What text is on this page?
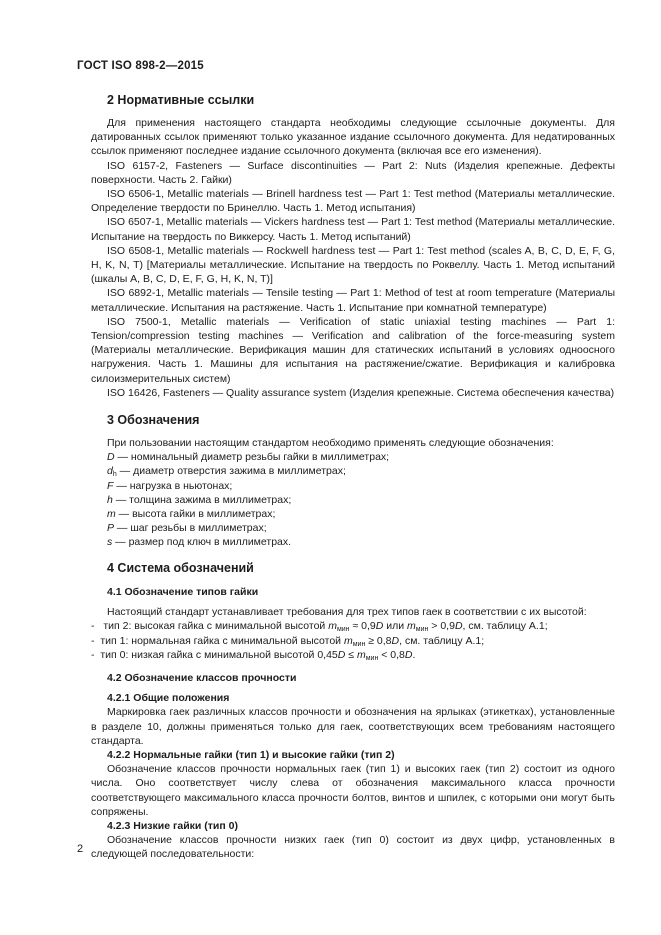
ГОСТ ISO 898-2—2015
2 Нормативные ссылки
Для применения настоящего стандарта необходимы следующие ссылочные документы. Для датированных ссылок применяют только указанное издание ссылочного документа. Для недатированных ссылок применяют последнее издание ссылочного документа (включая все его изменения).
ISO 6157-2, Fasteners — Surface discontinuities — Part 2: Nuts (Изделия крепежные. Дефекты поверхности. Часть 2. Гайки)
ISO 6506-1, Metallic materials — Brinell hardness test — Part 1: Test method (Материалы металлические. Определение твердости по Бринеллю. Часть 1. Метод испытания)
ISO 6507-1, Metallic materials — Vickers hardness test — Part 1: Test method (Материалы металлические. Испытание на твердость по Виккерсу. Часть 1. Метод испытаний)
ISO 6508-1, Metallic materials — Rockwell hardness test — Part 1: Test method (scales A, B, C, D, E, F, G, H, K, N, T) [Материалы металлические. Испытание на твердость по Роквеллу. Часть 1. Метод испытаний (шкалы A, B, C, D, E, F, G, H, K, N, T)]
ISO 6892-1, Metallic materials — Tensile testing — Part 1: Method of test at room temperature (Материалы металлические. Испытания на растяжение. Часть 1. Испытание при комнатной температуре)
ISO 7500-1, Metallic materials — Verification of static uniaxial testing machines — Part 1: Tension/compression testing machines — Verification and calibration of the force-measuring system (Материалы металлические. Верификация машин для статических испытаний в условиях одноосного нагружения. Часть 1. Машины для испытания на растяжение/сжатие. Верификация и калибровка силоизмерительных систем)
ISO 16426, Fasteners — Quality assurance system (Изделия крепежные. Система обеспечения качества)
3 Обозначения
При пользовании настоящим стандартом необходимо применять следующие обозначения:
D — номинальный диаметр резьбы гайки в миллиметрах;
$d_h$ — диаметр отверстия зажима в миллиметрах;
F — нагрузка в ньютонах;
h — толщина зажима в миллиметрах;
m — высота гайки в миллиметрах;
P — шаг резьбы в миллиметрах;
s — размер под ключ в миллиметрах.
4 Система обозначений
4.1 Обозначение типов гайки
Настоящий стандарт устанавливает требования для трех типов гаек в соответствии с их высотой:
- тип 2: высокая гайка с минимальной высотой $m_{мин} \approx 0,9D$ или $m_{мин} > 0,9D$, см. таблицу А.1;
- тип 1: нормальная гайка с минимальной высотой $m_{мин} \ge 0,8D$, см. таблицу А.1;
- тип 0: низкая гайка с минимальной высотой $0,45D \le m_{мин} < 0,8D$.
4.2 Обозначение классов прочности
4.2.1 Общие положения
Маркировка гаек различных классов прочности и обозначения на ярлыках (этикетках), установленные в разделе 10, должны применяться только для гаек, соответствующих всем требованиям настоящего стандарта.
4.2.2 Нормальные гайки (тип 1) и высокие гайки (тип 2)
Обозначение классов прочности нормальных гаек (тип 1) и высоких гаек (тип 2) состоит из одного числа. Оно соответствует числу слева от обозначения максимального класса прочности соответствующего максимального класса прочности болтов, винтов и шпилек, с которыми они могут быть сопряжены.
4.2.3 Низкие гайки (тип 0)
Обозначение классов прочности низких гаек (тип 0) состоит из двух цифр, установленных в следующей последовательности:
2
